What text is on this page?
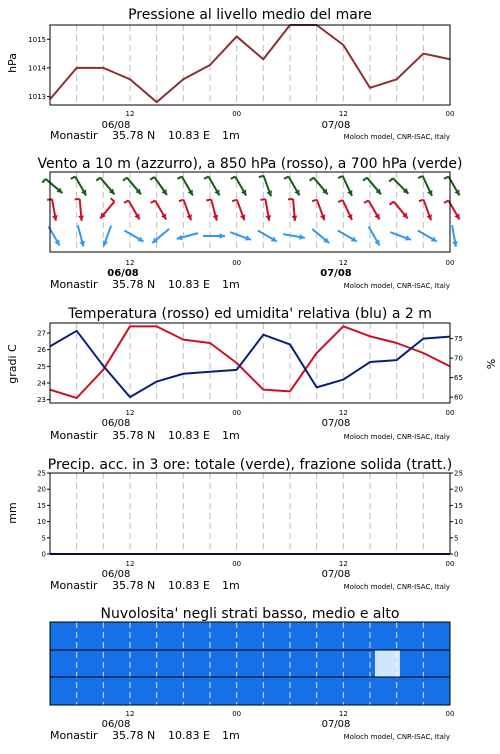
Pressione al livello medio del mare
hPa
1013
1014
1015
12	00	12	00
06/08	07/08
Monastir 35.78 N 10.83 E 1m	Moloch model, CNR-ISAC, Italy
Vento a 10 m (azzurro), a 850 hPa (rosso), a 700 hPa (verde)
12	00	12	00
06/08	07/08
Monastir 35.78 N 10.83 E 1m	Moloch model, CNR-ISAC, Italy
Temperatura (rosso) ed umidita' relativa (blu) a 2 m
gradi C	%
23
24
25
26
27
60
65
70
75
12	00	12	00
06/08	07/08
Monastir 35.78 N 10.83 E 1m	Moloch model, CNR-ISAC, Italy
Precip. acc. in 3 ore: totale (verde), frazione solida (tratt.)
mm
0
5
10
15
20
25
0
5
10
15
20
25
12	00	12	00
06/08	07/08
Monastir 35.78 N 10.83 E 1m	Moloch model, CNR-ISAC, Italy
Nuvolosita' negli strati basso, medio e alto
12	00	12	00
06/08	07/08
Monastir 35.78 N 10.83 E 1m	Moloch model, CNR-ISAC, Italy
